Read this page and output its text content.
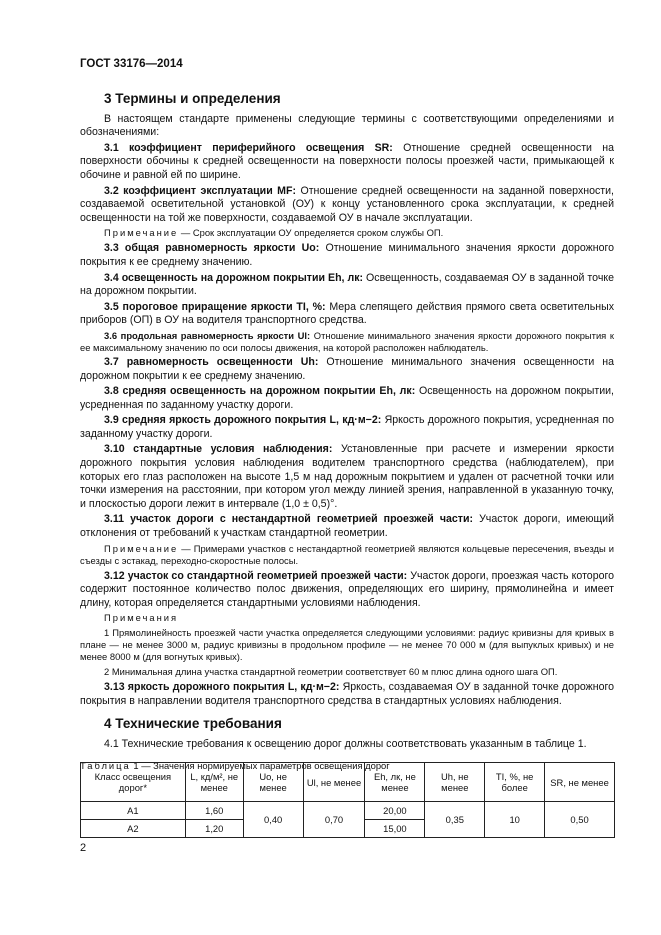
ГОСТ 33176—2014
3 Термины и определения

В настоящем стандарте применены следующие термины с соответствующими определениями и обозначениями:

3.1 коэффициент периферийного освещения SR: Отношение средней освещенности на поверхности обочины к средней освещенности на поверхности полосы проезжей части, примыкающей к обочине и равной ей по ширине.

3.2 коэффициент эксплуатации MF: Отношение средней освещенности на заданной поверхности, создаваемой осветительной установкой (ОУ) к концу установленного срока эксплуатации, к средней освещенности на той же поверхности, создаваемой ОУ в начале эксплуатации.

Примечание — Срок эксплуатации ОУ определяется сроком службы ОП.

3.3 общая равномерность яркости Uo: Отношение минимального значения яркости дорожного покрытия к ее среднему значению.

3.4 освещенность на дорожном покрытии Eh, лк: Освещенность, создаваемая ОУ в заданной точке на дорожном покрытии.

3.5 пороговое приращение яркости TI, %: Мера слепящего действия прямого света осветительных приборов (ОП) в ОУ на водителя транспортного средства.

3.6 продольная равномерность яркости Ul: Отношение минимального значения яркости дорожного покрытия к ее максимальному значению по оси полосы движения, на которой расположен наблюдатель.

3.7 равномерность освещенности Uh: Отношение минимального значения освещенности на дорожном покрытии к ее среднему значению.

3.8 средняя освещенность на дорожном покрытии Eh, лк: Освещенность на дорожном покрытии, усредненная по заданному участку дороги.

3.9 средняя яркость дорожного покрытия L, кд·м−2: Яркость дорожного покрытия, усредненная по заданному участку дороги.

3.10 стандартные условия наблюдения: Установленные при расчете и измерении яркости дорожного покрытия условия наблюдения водителем транспортного средства (наблюдателем), при которых его глаз расположен на высоте 1,5 м над дорожным покрытием и удален от расчетной точки или точки измерения на расстоянии, при котором угол между линией зрения, направленной в указанную точку, и плоскостью дороги лежит в интервале (1,0 ± 0,5)°.

3.11 участок дороги с нестандартной геометрией проезжей части: Участок дороги, имеющий отклонения от требований к участкам стандартной геометрии.

Примечание — Примерами участков с нестандартной геометрией являются кольцевые пересечения, въезды и съезды с эстакад, переходно-скоростные полосы.

3.12 участок со стандартной геометрией проезжей части: Участок дороги, проезжая часть которого содержит постоянное количество полос движения, определяющих его ширину, прямолинейна и имеет длину, которая определяется стандартными условиями наблюдения.

Примечания

1 Прямолинейность проезжей части участка определяется следующими условиями: радиус кривизны для кривых в плане — не менее 3000 м, радиус кривизны в продольном профиле — не менее 70 000 м (для выпуклых кривых) и не менее 8000 м (для вогнутых кривых).

2 Минимальная длина участка стандартной геометрии соответствует 60 м плюс длина одного шага ОП.

3.13 яркость дорожного покрытия L, кд·м−2: Яркость, создаваемая ОУ в заданной точке дорожного покрытия в направлении водителя транспортного средства в стандартных условиях наблюдения.

4 Технические требования

4.1 Технические требования к освещению дорог должны соответствовать указанным в таблице 1.

Таблица 1 — Значения нормируемых параметров освещения дорог
Класс освещения дорог*	L, кд/м², не менее	Uo, не менее	Ul, не менее	Eh, лк, не менее	Uh, не менее	TI, %, не более	SR, не менее
A1	1,60	0,40	0,70	20,00	0,35	10	0,50
A2	1,20			15,00			
2
